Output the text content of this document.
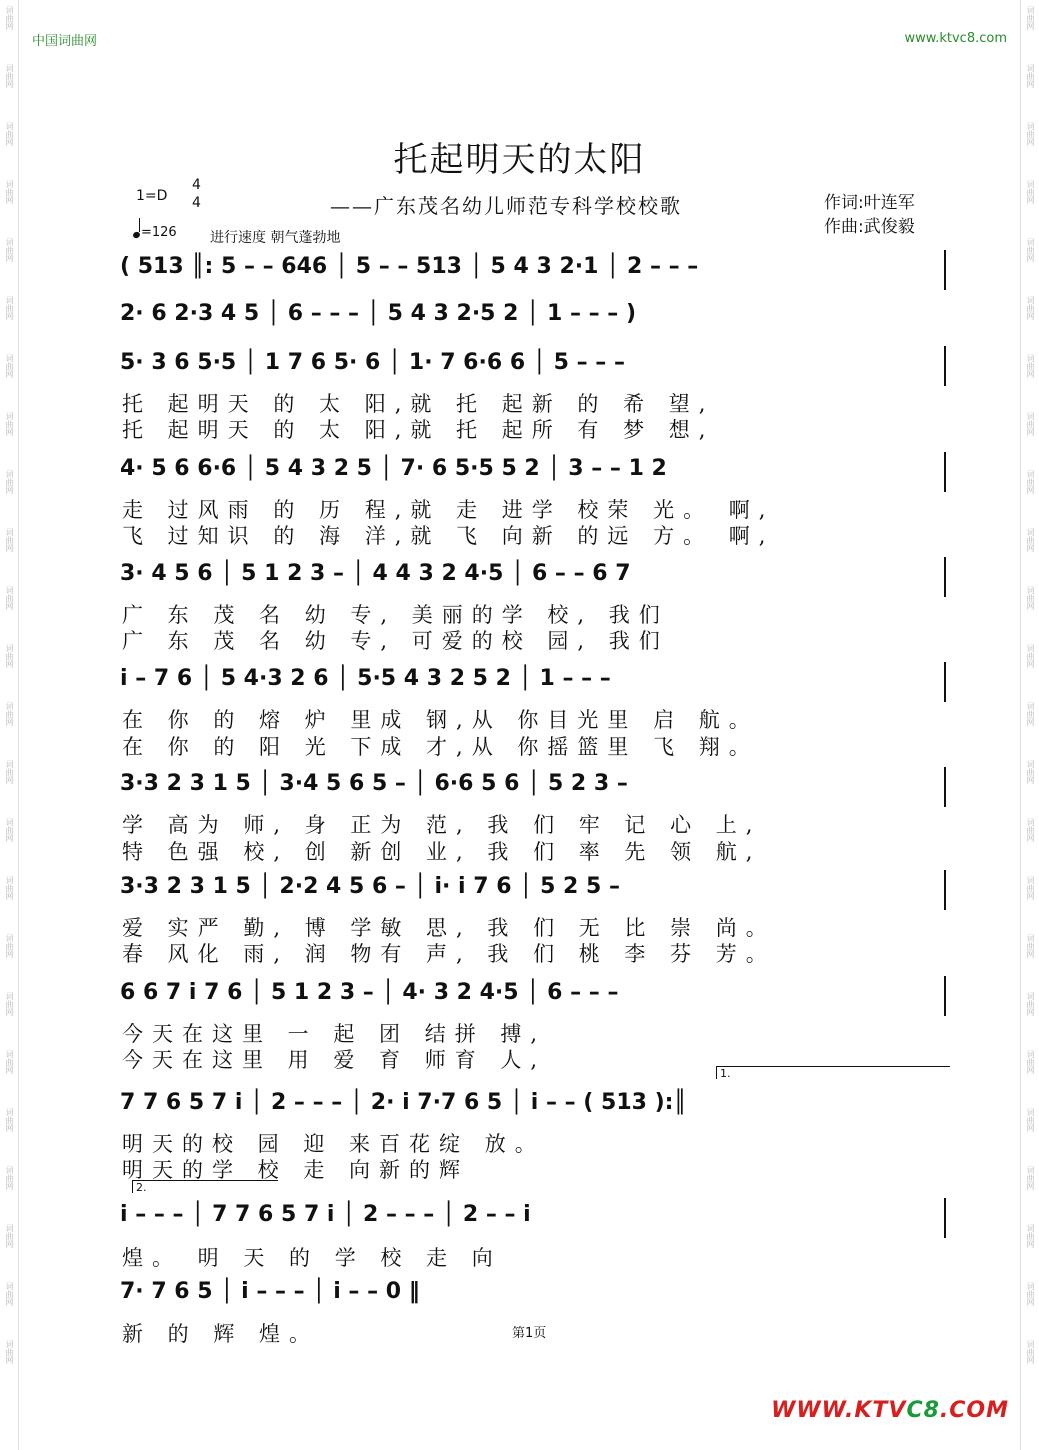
词曲网
词曲网
词曲网
词曲网
词曲网
词曲网
词曲网
词曲网
词曲网
词曲网
词曲网
词曲网
词曲网
词曲网
词曲网
词曲网
词曲网
词曲网
词曲网
词曲网
词曲网
词曲网
词曲网
词曲网
词曲网
词曲网
词曲网
词曲网
词曲网
词曲网
词曲网
词曲网
词曲网
词曲网
词曲网
词曲网
词曲网
词曲网
词曲网
词曲网
词曲网
词曲网
词曲网
词曲网
词曲网
词曲网
词曲网
词曲网
中国词曲网	www.ktvc8.com
托起明天的太阳
——广东茂名幼儿师范专科学校校歌	作词:叶连军
作曲:武俊毅
1=D
4
4
=126 进行速度 朝气蓬勃地
( 513 ║: 5 – – 646 │ 5 – – 513 │ 5 4 3 2·1 │ 2 – – –
2· 6 2·3 4 5 │ 6 – – – │ 5 4 3 2·5 2 │ 1 – – – )
5· 3 6 5·5 │ 1 7 6 5· 6 │ 1· 7 6·6 6 │ 5 – – –
托 起明天 的 太 阳,就 托 起新 的 希 望,
托 起明天 的 太 阳,就 托 起所 有 梦 想,
4· 5 6 6·6 │ 5 4 3 2 5 │ 7· 6 5·5 5 2 │ 3 – – 1 2
走 过风雨 的 历 程,就 走 进学 校荣 光。 啊,
飞 过知识 的 海 洋,就 飞 向新 的远 方。 啊,
3· 4 5 6 │ 5 1 2 3 – │ 4 4 3 2 4·5 │ 6 – – 6 7
广 东 茂 名 幼 专, 美丽的学 校, 我们
广 东 茂 名 幼 专, 可爱的校 园, 我们
i – 7 6 │ 5 4·3 2 6 │ 5·5 4 3 2 5 2 │ 1 – – –
在 你 的 熔 炉 里成 钢,从 你目光里 启 航。
在 你 的 阳 光 下成 才,从 你摇篮里 飞 翔。
3·3 2 3 1 5 │ 3·4 5 6 5 – │ 6·6 5 6 │ 5 2 3 –
学 高为 师, 身 正为 范, 我 们 牢 记 心 上,
特 色强 校, 创 新创 业, 我 们 率 先 领 航,
3·3 2 3 1 5 │ 2·2 4 5 6 – │ i· i 7 6 │ 5 2 5 –
爱 实严 勤, 博 学敏 思, 我 们 无 比 崇 尚。
春 风化 雨, 润 物有 声, 我 们 桃 李 芬 芳。
6 6 7 i 7 6 │ 5 1 2 3 – │ 4· 3 2 4·5 │ 6 – – –
今天在这里 一 起 团 结拼 搏,
今天在这里 用 爱 育 师育 人,
1.
7 7 6 5 7 i │ 2 – – – │ 2· i 7·7 6 5 │ i – – ( 513 ):║
明天的校 园 迎 来百花绽 放。
明天的学 校 走 向新的辉
2.
i – – – │ 7 7 6 5 7 i │ 2 – – – │ 2 – – i
煌。 明 天 的 学 校 走 向
7· 7 6 5 │ i – – – │ i – – 0 ‖
新 的 辉 煌。	第1页
WWW.KTVC8.COM
